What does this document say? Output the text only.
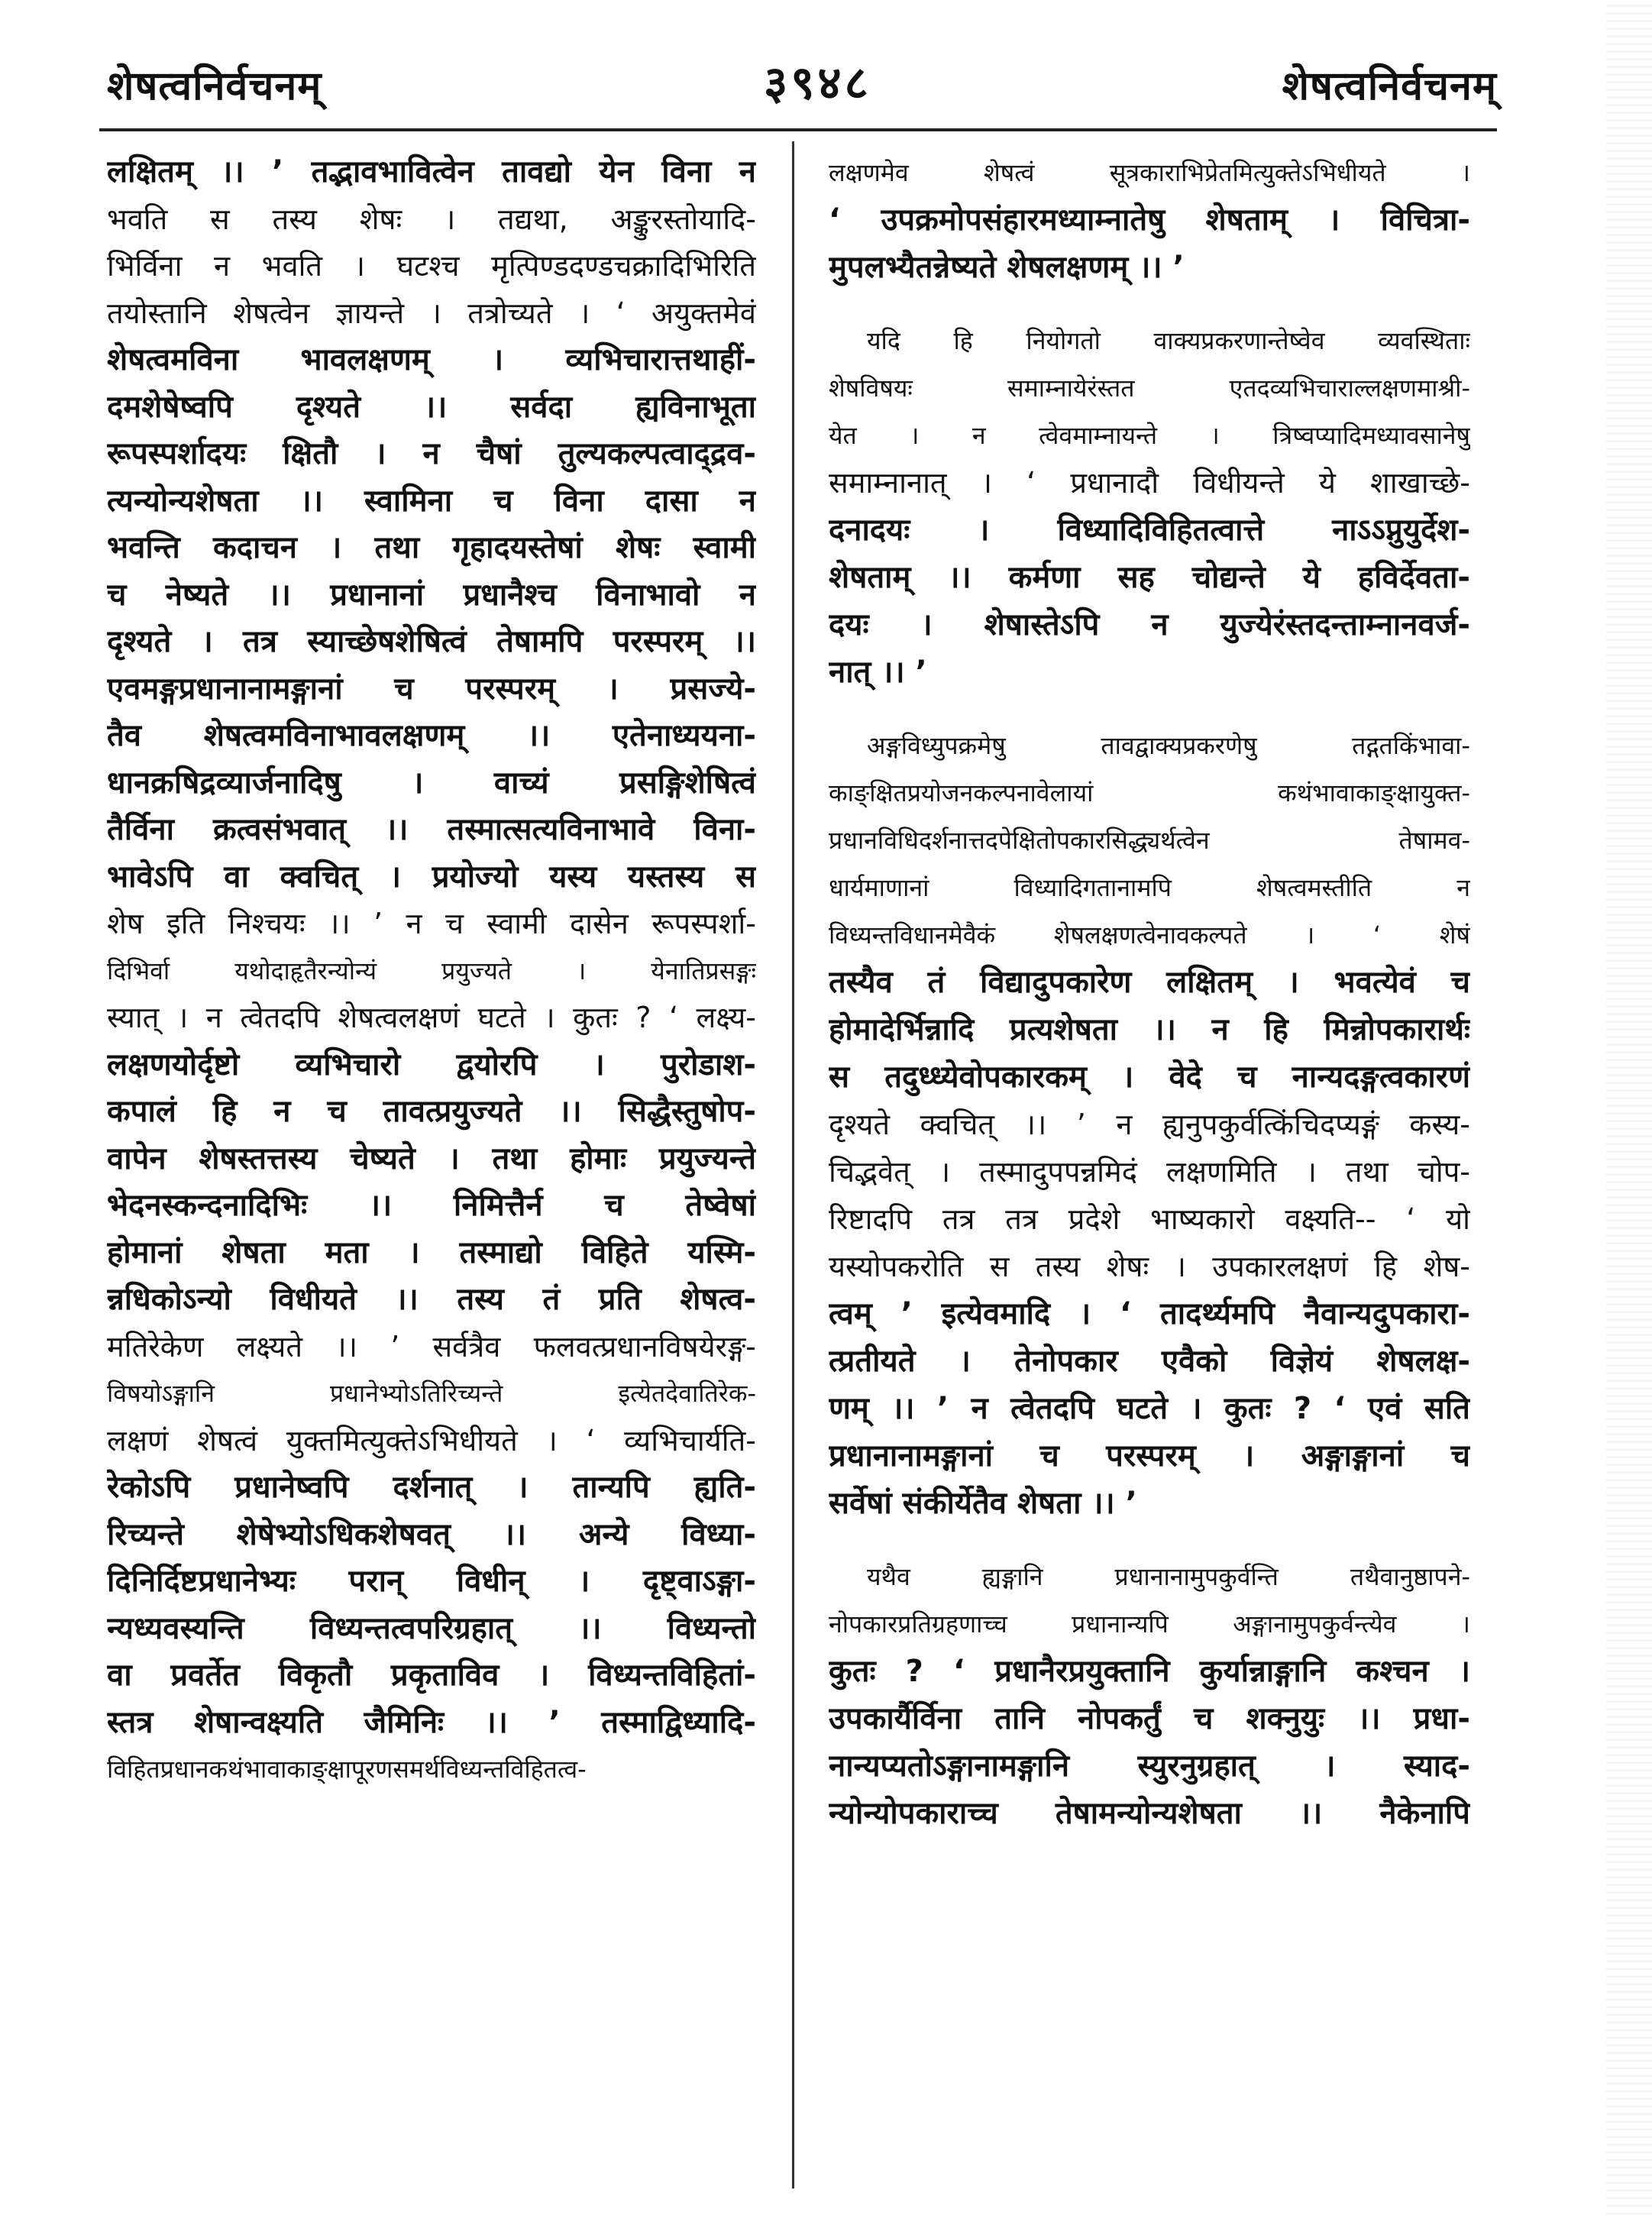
शेषत्वनिर्वचनम्	३९४८	शेषत्वनिर्वचनम्
लक्षितम् ।। ’ तद्भावभावित्वेन तावद्यो येन विना न
भवति स तस्य शेषः । तद्यथा, अङ्कुरस्तोयादि-
भिर्विना न भवति । घटश्च मृत्पिण्डदण्डचक्रादिभिरिति
तयोस्तानि शेषत्वेन ज्ञायन्ते । तत्रोच्यते । ‘ अयुक्तमेवं
शेषत्वमविना भावलक्षणम् । व्यभिचारात्तथाहीं-
दमशेषेष्वपि दृश्यते ।। सर्वदा ह्यविनाभूता
रूपस्पर्शादयः क्षितौ । न चैषां तुल्यकल्पत्वाद्द्रव-
त्यन्योन्यशेषता ।। स्वामिना च विना दासा न
भवन्ति कदाचन । तथा गृहादयस्तेषां शेषः स्वामी
च नेष्यते ।। प्रधानानां प्रधानैश्च विनाभावो न
दृश्यते । तत्र स्याच्छेषशेषित्वं तेषामपि परस्परम् ।।
एवमङ्गप्रधानानामङ्गानां च परस्परम् । प्रसज्ये-
तैव शेषत्वमविनाभावलक्षणम् ।। एतेनाध्ययना-
धानक्रषिद्रव्यार्जनादिषु । वाच्यं प्रसङ्गिशेषित्वं
तैर्विना क्रत्वसंभवात् ।। तस्मात्सत्यविनाभावे विना-
भावेऽपि वा क्वचित् । प्रयोज्यो यस्य यस्तस्य स
शेष इति निश्चयः ।। ’ न च स्वामी दासेन रूपस्पर्शा-
दिभिर्वा यथोदाहृतैरन्योन्यं प्रयुज्यते । येनातिप्रसङ्गः
स्यात् । न त्वेतदपि शेषत्वलक्षणं घटते । कुतः ? ‘ लक्ष्य-
लक्षणयोर्दृष्टो व्यभिचारो द्वयोरपि । पुरोडाश-
कपालं हि न च तावत्प्रयुज्यते ।। सिद्धैस्तुषोप-
वापेन शेषस्तत्तस्य चेष्यते । तथा होमाः प्रयुज्यन्ते
भेदनस्कन्दनादिभिः ।। निमित्तैर्न च तेष्वेषां
होमानां शेषता मता । तस्माद्यो विहिते यस्मि-
न्नधिकोऽन्यो विधीयते ।। तस्य तं प्रति शेषत्व-
मतिरेकेण लक्ष्यते ।। ’ सर्वत्रैव फलवत्प्रधानविषयेरङ्ग-
विषयोऽङ्गानि प्रधानेभ्योऽतिरिच्यन्ते इत्येतदेवातिरेक-
लक्षणं शेषत्वं युक्तमित्युक्तेऽभिधीयते । ‘ व्यभिचार्यति-
रेकोऽपि प्रधानेष्वपि दर्शनात् । तान्यपि ह्यति-
रिच्यन्ते शेषेभ्योऽधिकशेषवत् ।। अन्ये विध्या-
दिनिर्दिष्टप्रधानेभ्यः परान् विधीन् । दृष्ट्वाऽङ्गा-
न्यध्यवस्यन्ति विध्यन्तत्वपरिग्रहात् ।। विध्यन्तो
वा प्रवर्तेत विकृतौ प्रकृताविव । विध्यन्तविहितां-
स्तत्र शेषान्वक्ष्यति जैमिनिः ।। ’ तस्माद्विध्यादि-
विहितप्रधानकथंभावाकाङ्क्षापूरणसमर्थविध्यन्तविहितत्व-
लक्षणमेव शेषत्वं सूत्रकाराभिप्रेतमित्युक्तेऽभिधीयते ।
‘ उपक्रमोपसंहारमध्याम्नातेषु शेषताम् । विचित्रा-
मुपलभ्यैतन्नेष्यते शेषलक्षणम् ।। ’
यदि हि नियोगतो वाक्यप्रकरणान्तेष्वेव व्यवस्थिताः
शेषविषयः समाम्नायेरंस्तत एतदव्यभिचाराल्लक्षणमाश्री-
येत । न त्वेवमाम्नायन्ते । त्रिष्वप्यादिमध्यावसानेषु
समाम्नानात् । ‘ प्रधानादौ विधीयन्ते ये शाखाच्छे-
दनादयः । विध्यादिविहितत्वात्ते नाऽऽप्नुयुर्देश-
शेषताम् ।। कर्मणा सह चोद्यन्ते ये हविर्देवता-
दयः । शेषास्तेऽपि न युज्येरंस्तदन्ताम्नानवर्ज-
नात् ।। ’
अङ्गविध्युपक्रमेषु तावद्वाक्यप्रकरणेषु तद्गतकिंभावा-
काङ्क्षितप्रयोजनकल्पनावेलायां कथंभावाकाङ्क्षायुक्त-
प्रधानविधिदर्शनात्तदपेक्षितोपकारसिद्ध्यर्थत्वेन तेषामव-
धार्यमाणानां विध्यादिगतानामपि शेषत्वमस्तीति न
विध्यन्तविधानमेवैकं शेषलक्षणत्वेनावकल्पते । ‘ शेषं
तस्यैव तं विद्यादुपकारेण लक्षितम् । भवत्येवं च
होमादेर्भिन्नादि प्रत्यशेषता ।। न हि मिन्नोपकारार्थः
स तदुध्ध्येवोपकारकम् । वेदे च नान्यदङ्गत्वकारणं
दृश्यते क्वचित् ।। ’ न ह्यनुपकुर्वत्किंचिदप्यङ्गं कस्य-
चिद्भवेत् । तस्मादुपपन्नमिदं लक्षणमिति । तथा चोप-
रिष्टादपि तत्र तत्र प्रदेशे भाष्यकारो वक्ष्यति-- ‘ यो
यस्योपकरोति स तस्य शेषः । उपकारलक्षणं हि शेष-
त्वम् ’ इत्येवमादि । ‘ तादर्थ्यमपि नैवान्यदुपकारा-
त्प्रतीयते । तेनोपकार एवैको विज्ञेयं शेषलक्ष-
णम् ।। ’ न त्वेतदपि घटते । कुतः ? ‘ एवं सति
प्रधानानामङ्गानां च परस्परम् । अङ्गाङ्गानां च
सर्वेषां संकीर्येतैव शेषता ।। ’
यथैव ह्यङ्गानि प्रधानानामुपकुर्वन्ति तथैवानुष्ठापने-
नोपकारप्रतिग्रहणाच्च प्रधानान्यपि अङ्गानामुपकुर्वन्त्येव ।
कुतः ? ‘ प्रधानैरप्रयुक्तानि कुर्यान्नाङ्गानि कश्चन ।
उपकार्यैर्विना तानि नोपकर्तुं च शक्नुयुः ।। प्रधा-
नान्यप्यतोऽङ्गानामङ्गानि स्युरनुग्रहात् । स्याद-
न्योन्योपकाराच्च तेषामन्योन्यशेषता ।। नैकेनापि
